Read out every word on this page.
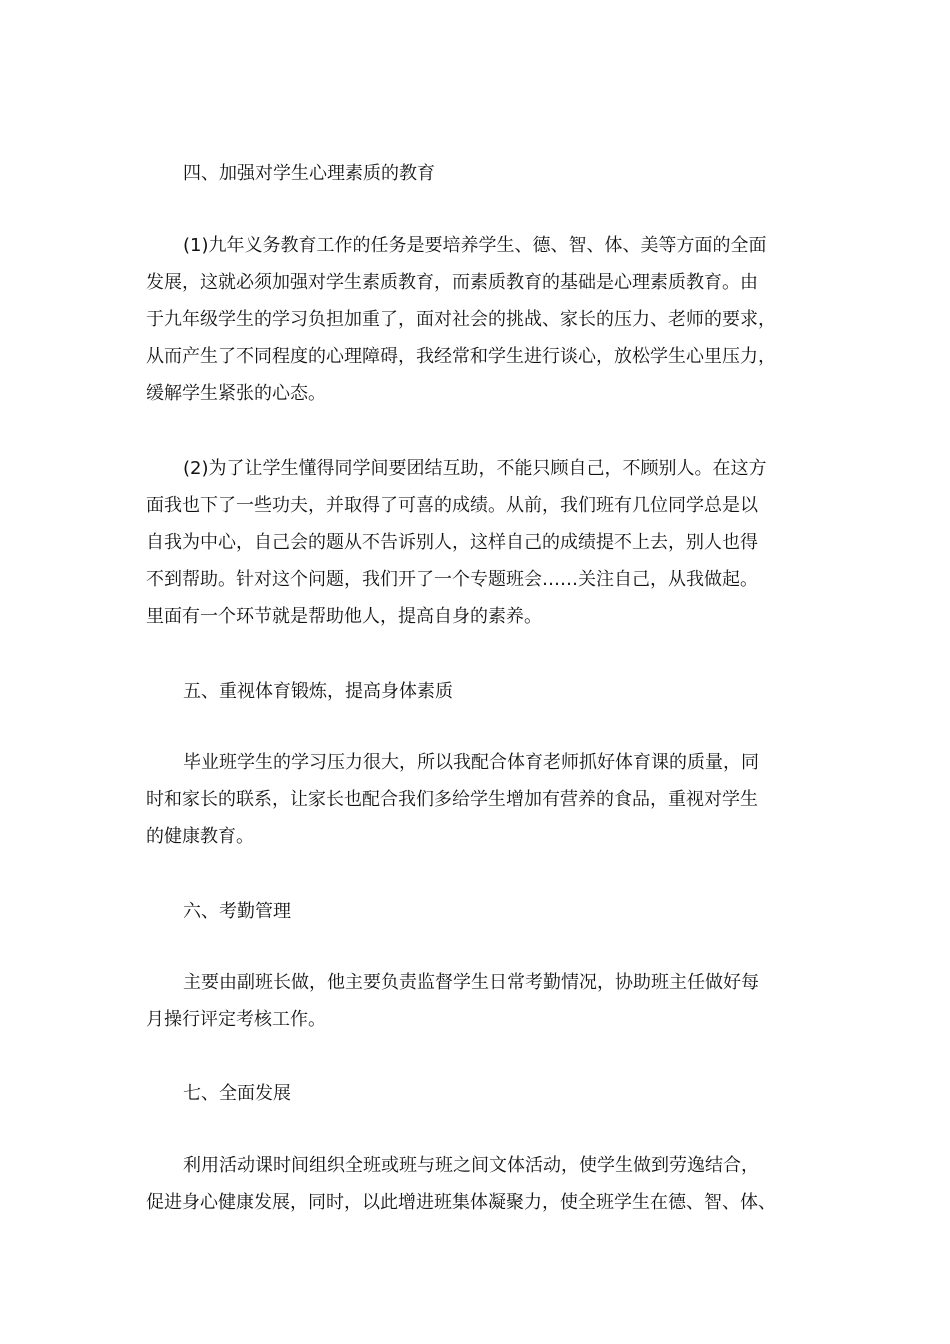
四、加强对学生心理素质的教育
(1)九年义务教育工作的任务是要培养学生、德、智、体、美等方面的全面
发展，这就必须加强对学生素质教育，而素质教育的基础是心理素质教育。由
于九年级学生的学习负担加重了，面对社会的挑战、家长的压力、老师的要求，
从而产生了不同程度的心理障碍，我经常和学生进行谈心，放松学生心里压力，
缓解学生紧张的心态。
(2)为了让学生懂得同学间要团结互助，不能只顾自己，不顾别人。在这方
面我也下了一些功夫，并取得了可喜的成绩。从前，我们班有几位同学总是以
自我为中心，自己会的题从不告诉别人，这样自己的成绩提不上去，别人也得
不到帮助。针对这个问题，我们开了一个专题班会……关注自己，从我做起。
里面有一个环节就是帮助他人，提高自身的素养。
五、重视体育锻炼，提高身体素质
毕业班学生的学习压力很大，所以我配合体育老师抓好体育课的质量，同
时和家长的联系，让家长也配合我们多给学生增加有营养的食品，重视对学生
的健康教育。
六、考勤管理
主要由副班长做，他主要负责监督学生日常考勤情况，协助班主任做好每
月操行评定考核工作。
七、全面发展
利用活动课时间组织全班或班与班之间文体活动，使学生做到劳逸结合，
促进身心健康发展，同时，以此增进班集体凝聚力，使全班学生在德、智、体、
